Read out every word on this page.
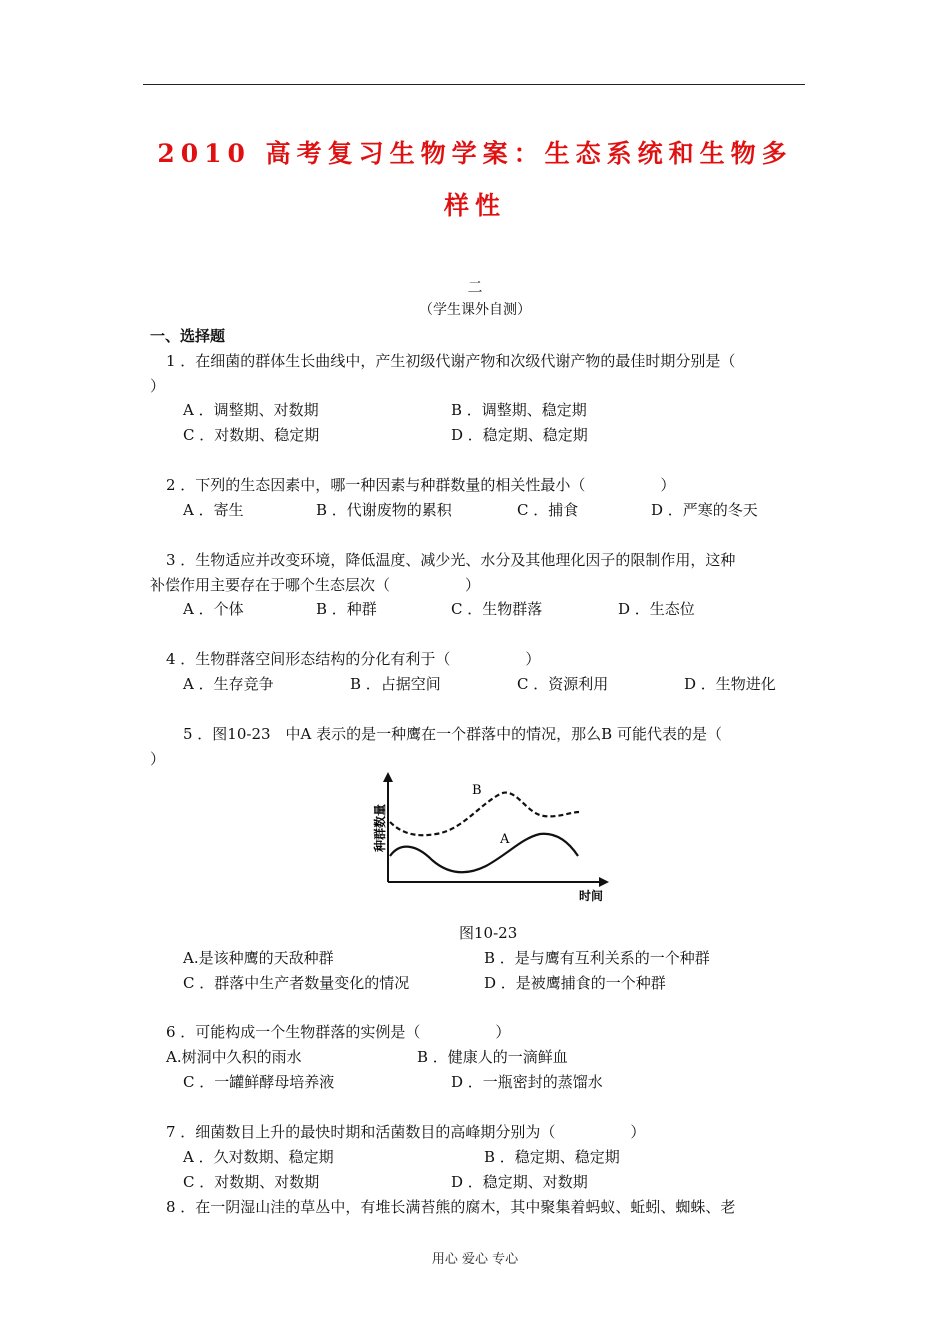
2010 高考复习生物学案：生态系统和生物多
样性
二
（学生课外自测）
一、选择题
1 ．在细菌的群体生长曲线中，产生初级代谢产物和次级代谢产物的最佳时期分别是（
）
A ．调整期、对数期	B ．调整期、稳定期
C ．对数期、稳定期	D ．稳定期、稳定期
2 ．下列的生态因素中，哪一种因素与种群数量的相关性最小（　　　　　）
A ．寄生	B ．代谢废物的累积	C ．捕食	D ．严寒的冬天
3 ．生物适应并改变环境，降低温度、减少光、水分及其他理化因子的限制作用，这种
补偿作用主要存在于哪个生态层次（　　　　　）
A ．个体	B ．种群	C ．生物群落	D ．生态位
4 ．生物群落空间形态结构的分化有利于（　　　　　）
A ．生存竞争	B ．占据空间	C ．资源利用	D ．生物进化
5 ．图10-23　中A 表示的是一种鹰在一个群落中的情况，那么B 可能代表的是（
）
种群数量
时间
B
A
图10-23
A.是该种鹰的天敌种群	B ．是与鹰有互利关系的一个种群
C ．群落中生产者数量变化的情况	D ．是被鹰捕食的一个种群
6 ．可能构成一个生物群落的实例是（　　　　　）
A.树洞中久积的雨水	B ．健康人的一滴鲜血
C ．一罐鲜酵母培养液	D ．一瓶密封的蒸馏水
7 ．细菌数目上升的最快时期和活菌数目的高峰期分别为（　　　　　）
A ．久对数期、稳定期	B ．稳定期、稳定期
C ．对数期、对数期	D ．稳定期、对数期
8 ．在一阴湿山洼的草丛中，有堆长满苔熊的腐木，其中聚集着蚂蚁、蚯蚓、蜘蛛、老
用心 爱心 专心
